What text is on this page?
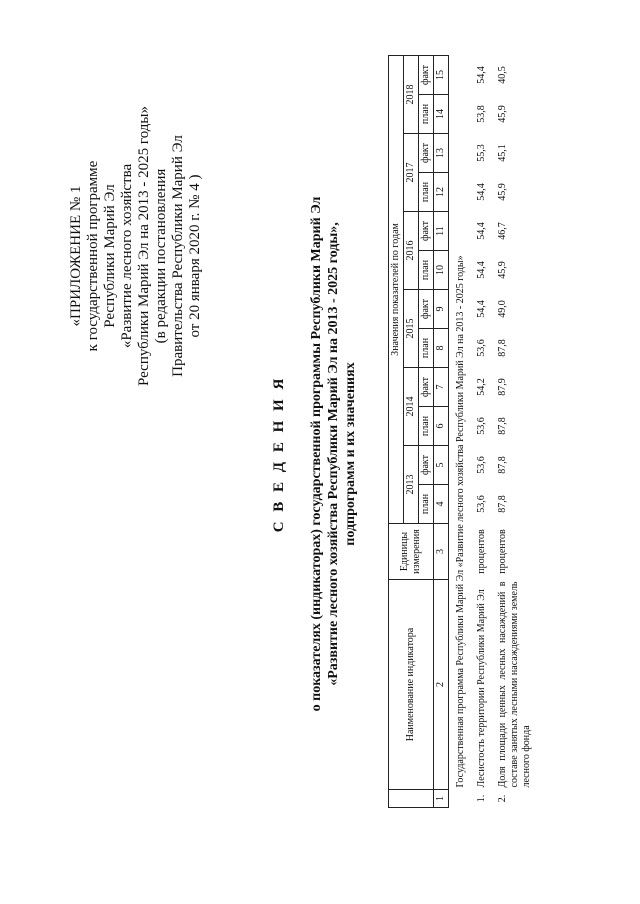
«ПРИЛОЖЕНИЕ № 1 к государственной программе Республики Марий Эл «Развитие лесного хозяйства Республики Марий Эл на 2013 - 2025 годы» (в редакции постановления Правительства Республики Марий Эл от 20 января 2020 г. № 4 )
С В Е Д Е Н И Я о показателях (индикаторах) государственной программы Республики Марий Эл «Развитие лесного хозяйства Республики Марий Эл на 2013 - 2025 годы», подпрограмм и их значениях
	Наименование индикатора	Единицы измерения	Значения показателей по годам											
			2013		2014		2015		2016		2017		2018	
			план	факт	план	факт	план	факт	план	факт	план	факт	план	факт
1	2	3	4	5	6	7	8	9	10	11	12	13	14	15
	Государственная программа Республики Марий Эл «Развитие лесного хозяйства Республики Марий Эл на 2013 - 2025 годы»													
1.	Лесистость территории Республики Марий Эл	процентов	53,6	53,6	53,6	54,2	53,6	54,4	54,4	54,4	54,4	55,3	53,8	54,4
2.	Доля площади ценных лесных насаждений в составе занятых лесными насаждениями земель лесного фонда	процентов	87,8	87,8	87,8	87,9	87,8	49,0	45,9	46,7	45,9	45,1	45,9	40,5
